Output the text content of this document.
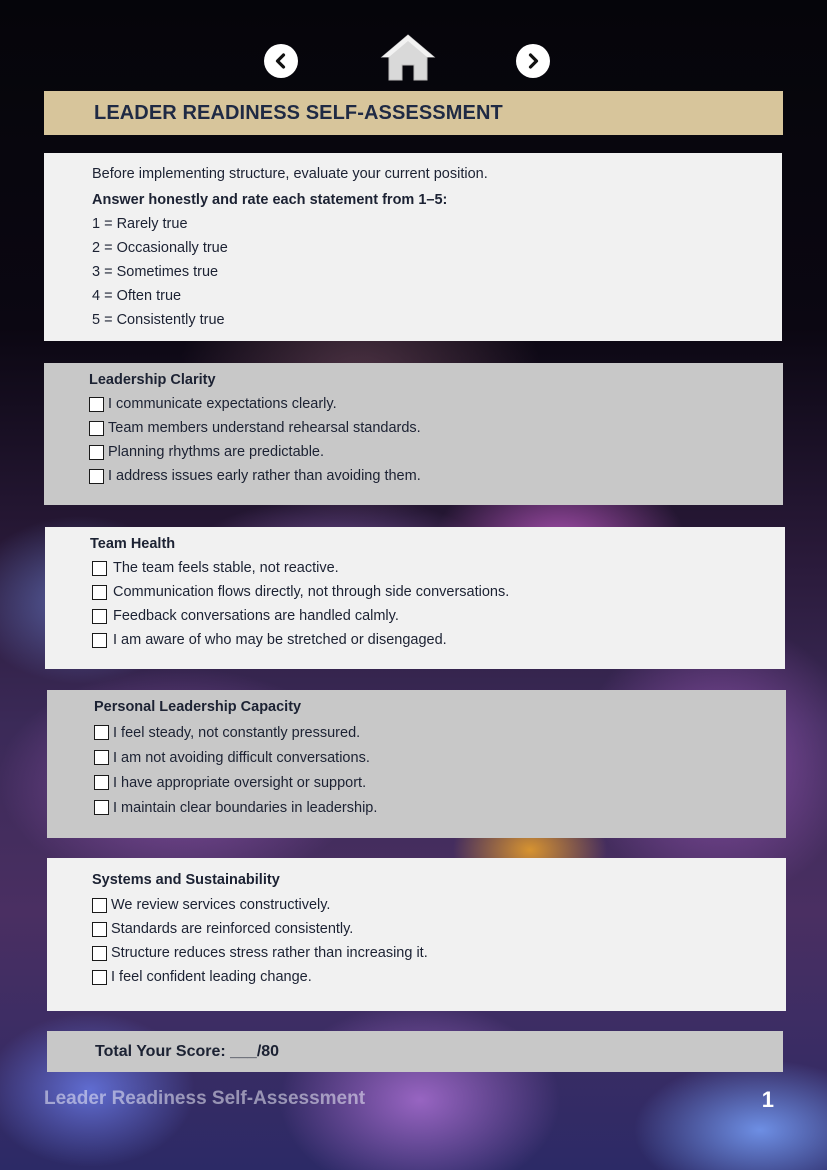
LEADER READINESS SELF-ASSESSMENT

Before implementing structure, evaluate your current position.

Answer honestly and rate each statement from 1–5:

1 = Rarely true

2 = Occasionally true

3 = Sometimes true

4 = Often true

5 = Consistently true

Leadership Clarity
I communicate expectations clearly.
Team members understand rehearsal standards.
Planning rhythms are predictable.
I address issues early rather than avoiding them.
Team Health
The team feels stable, not reactive.
Communication flows directly, not through side conversations.
Feedback conversations are handled calmly.
I am aware of who may be stretched or disengaged.
Personal Leadership Capacity
I feel steady, not constantly pressured.
I am not avoiding difficult conversations.
I have appropriate oversight or support.
I maintain clear boundaries in leadership.
Systems and Sustainability
We review services constructively.
Standards are reinforced consistently.
Structure reduces stress rather than increasing it.
I feel confident leading change.
Total Your Score: ___/80
Leader Readiness Self-Assessment	1
